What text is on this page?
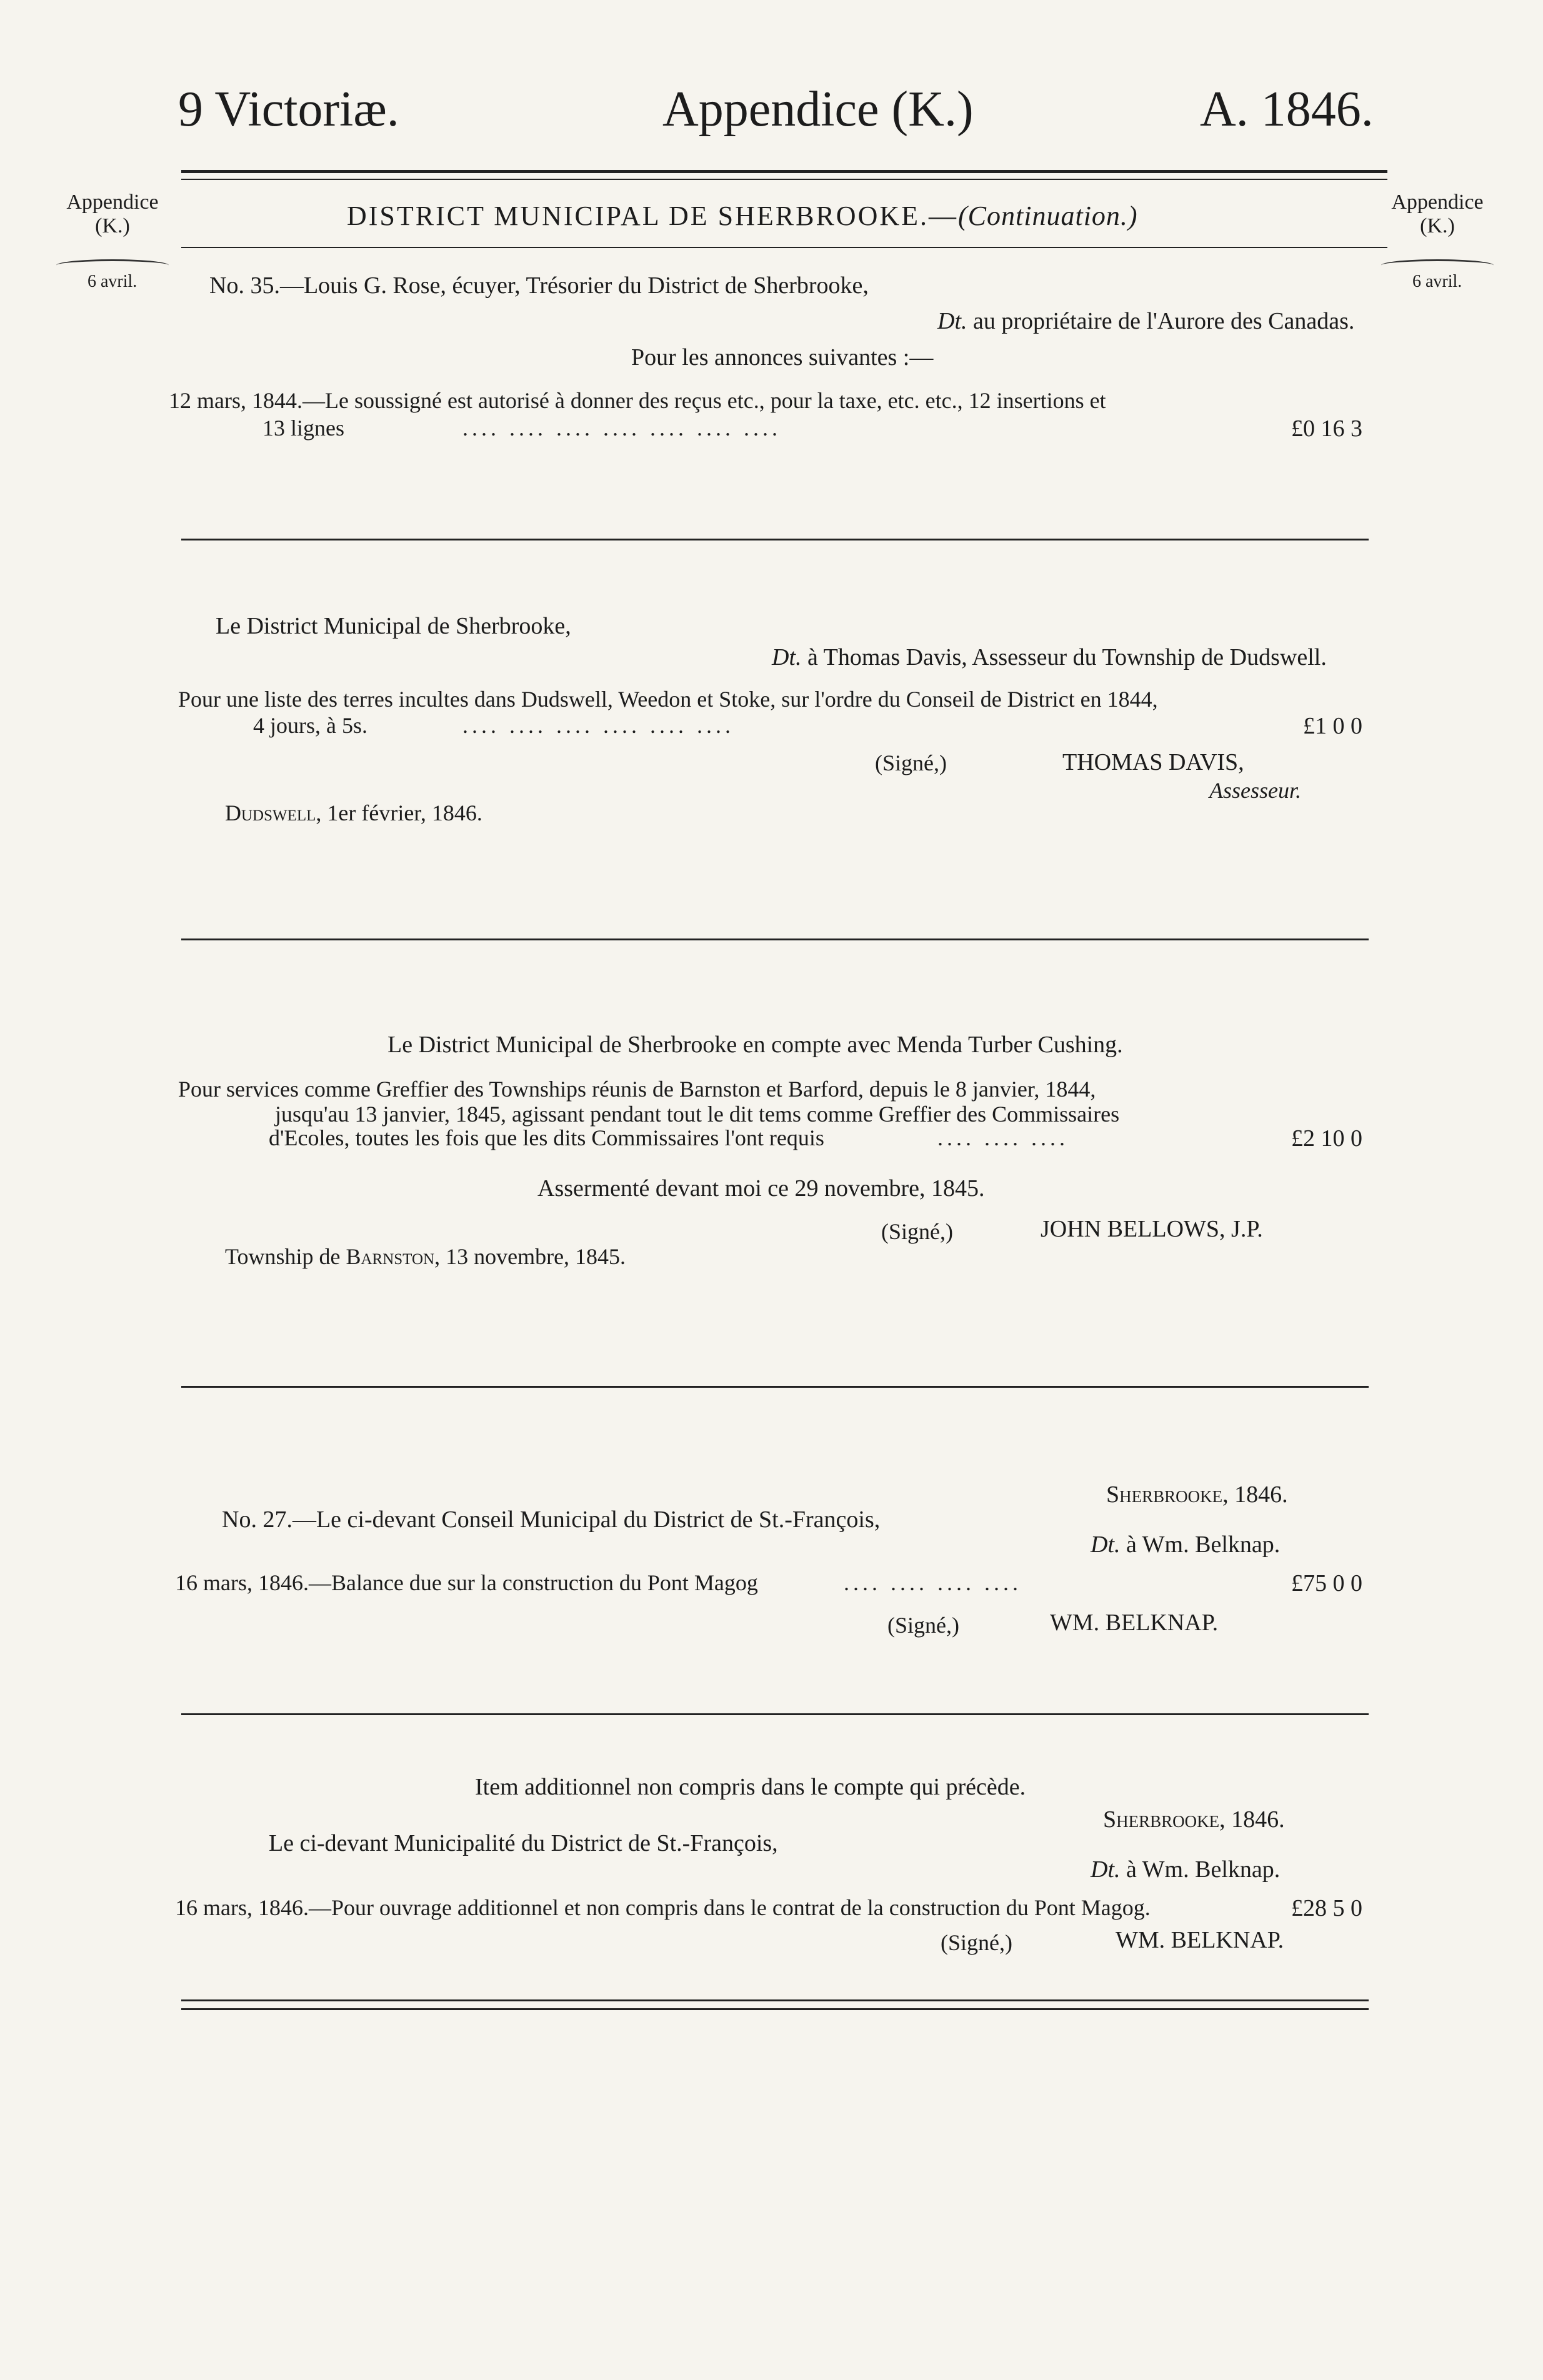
9 Victoriæ.	Appendice (K.)	A. 1846.
Appendice
(K.)
6 avril.
Appendice
(K.)
6 avril.
DISTRICT MUNICIPAL DE SHERBROOKE.—(Continuation.)
No. 35.—Louis G. Rose, écuyer, Trésorier du District de Sherbrooke,
Dt. au propriétaire de l'Aurore des Canadas.
Pour les annonces suivantes :—
12 mars, 1844.—Le soussigné est autorisé à donner des reçus etc., pour la taxe, etc. etc., 12 insertions et
13 lignes	.... .... .... .... .... .... ....	£0 16 3
Le District Municipal de Sherbrooke,
Dt. à Thomas Davis, Assesseur du Township de Dudswell.
Pour une liste des terres incultes dans Dudswell, Weedon et Stoke, sur l'ordre du Conseil de District en 1844,
4 jours, à 5s.	.... .... .... .... .... ....	£1 0 0
(Signé,)	THOMAS DAVIS,
Assesseur.
Dudswell, 1er février, 1846.
Le District Municipal de Sherbrooke en compte avec Menda Turber Cushing.
Pour services comme Greffier des Townships réunis de Barnston et Barford, depuis le 8 janvier, 1844,
jusqu'au 13 janvier, 1845, agissant pendant tout le dit tems comme Greffier des Commissaires
d'Ecoles, toutes les fois que les dits Commissaires l'ont requis	.... .... ....	£2 10 0
Assermenté devant moi ce 29 novembre, 1845.
(Signé,)	JOHN BELLOWS, J.P.
Township de Barnston, 13 novembre, 1845.
Sherbrooke, 1846.
No. 27.—Le ci-devant Conseil Municipal du District de St.-François,
Dt. à Wm. Belknap.
16 mars, 1846.—Balance due sur la construction du Pont Magog	.... .... .... ....	£75 0 0
(Signé,)	WM. BELKNAP.
Item additionnel non compris dans le compte qui précède.
Sherbrooke, 1846.
Le ci-devant Municipalité du District de St.-François,
Dt. à Wm. Belknap.
16 mars, 1846.—Pour ouvrage additionnel et non compris dans le contrat de la construction du Pont Magog.	£28 5 0
(Signé,)	WM. BELKNAP.
